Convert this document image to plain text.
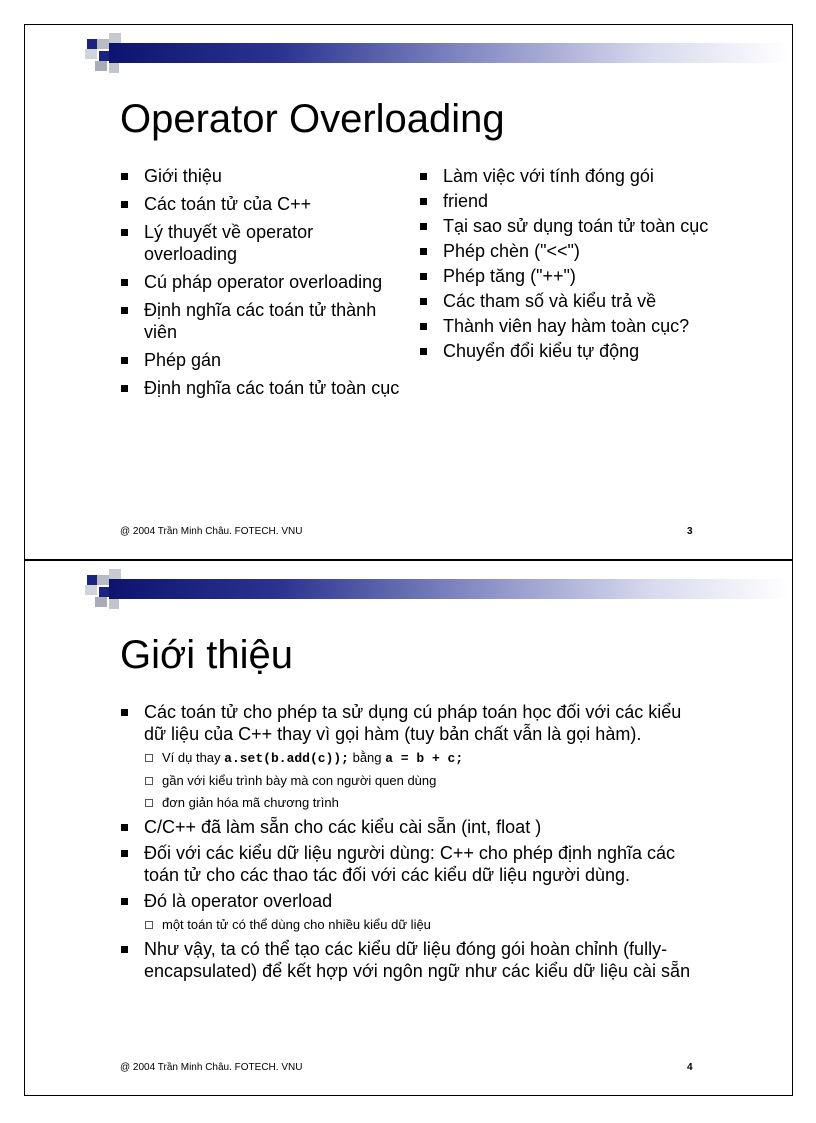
Operator Overloading
Giới thiệu
Các toán tử của C++
Lý thuyết về operator overloading
Cú pháp operator overloading
Định nghĩa các toán tử thành viên
Phép gán
Định nghĩa các toán tử toàn cục
Làm việc với tính đóng gói
friend
Tại sao sử dụng toán tử toàn cục
Phép chèn ("<<")
Phép tăng ("++")
Các tham số và kiểu trả về
Thành viên hay hàm toàn cục?
Chuyển đổi kiểu tự động
@ 2004 Trần Minh Châu. FOTECH. VNU	3
Giới thiệu
Các toán tử cho phép ta sử dụng cú pháp toán học đối với các kiểu dữ liệu của C++ thay vì gọi hàm (tuy bản chất vẫn là gọi hàm).
Ví dụ thay a.set(b.add(c)); bằng a = b + c;
gần với kiểu trình bày mà con người quen dùng
đơn giản hóa mã chương trình
C/C++ đã làm sẵn cho các kiểu cài sẵn (int, float )
Đối với các kiểu dữ liệu người dùng: C++ cho phép định nghĩa các toán tử cho các thao tác đối với các kiểu dữ liệu người dùng.
Đó là operator overload
một toán tử có thể dùng cho nhiều kiểu dữ liệu
Như vậy, ta có thể tạo các kiểu dữ liệu đóng gói hoàn chỉnh (fully-encapsulated) để kết hợp với ngôn ngữ như các kiểu dữ liệu cài sẵn
@ 2004 Trần Minh Châu. FOTECH. VNU	4
